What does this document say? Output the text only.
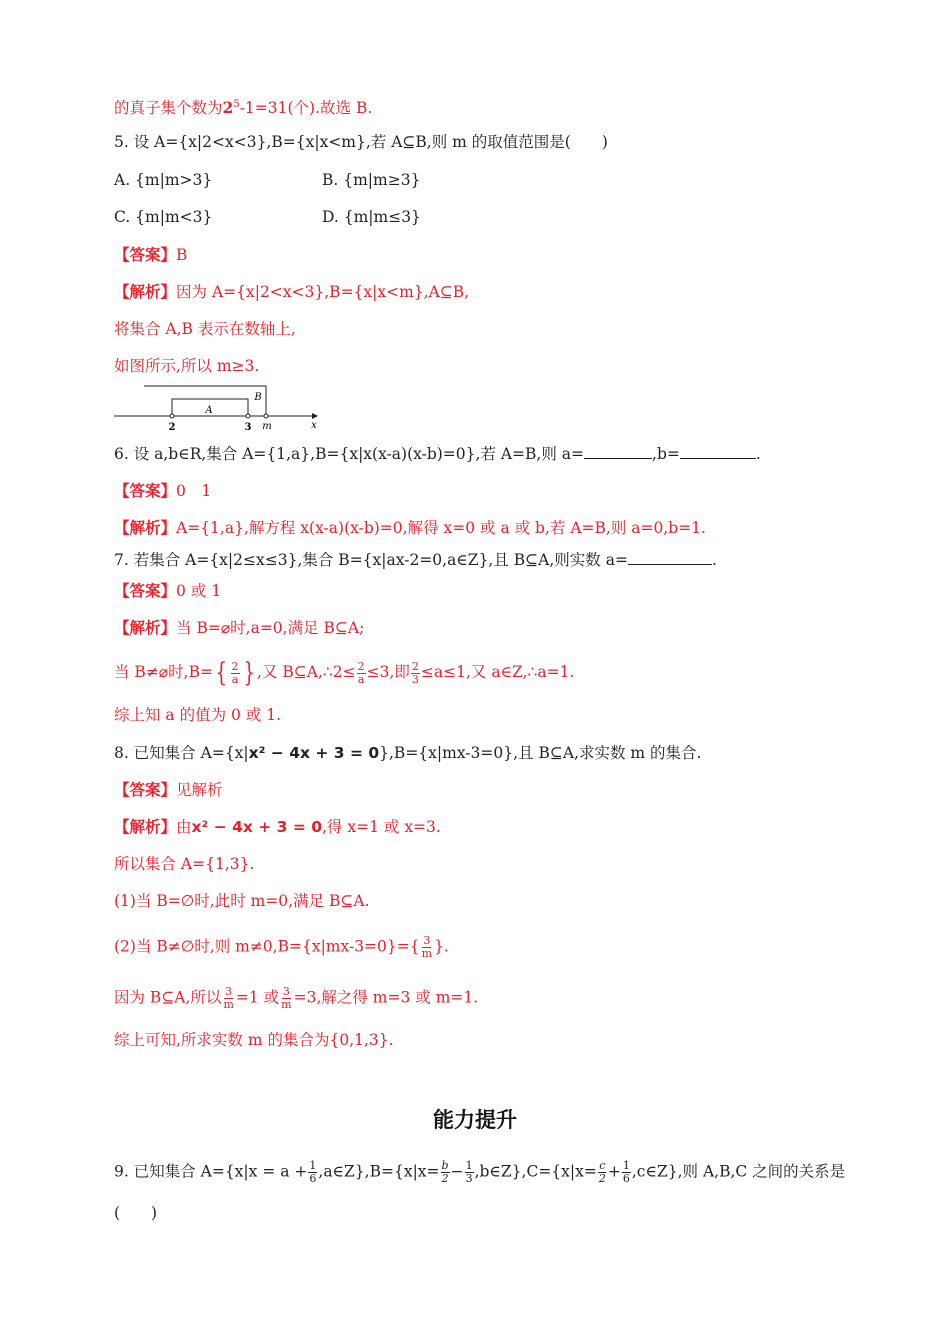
的真子集个数为$2^5-1=31$(个).故选 B.
5. 设 A={x|2<x<3},B={x|x<m},若 A⊆B,则 m 的取值范围是(　　)
A. {m|m>3}	B. {m|m≥3}
C. {m|m<3}	D. {m|m≤3}
【答案】B
【解析】因为 A={x|2<x<3},B={x|x<m},A⊆B,
将集合 A,B 表示在数轴上,
如图所示,所以 m≥3.
A
B
2	3 m	x
6. 设 a,b∈R,集合 A={1,a},B={x|x(x-a)(x-b)=0},若 A=B,则 a=	,b=	.
【答案】0　1
【解析】A={1,a},解方程 x(x-a)(x-b)=0,解得 x=0 或 a 或 b,若 A=B,则 a=0,b=1.
7. 若集合 A={x|2≤x≤3},集合 B={x|ax-2=0,a∈Z},且 B⊆A,则实数 a=	.
【答案】0 或 1
【解析】当 B=⌀时,a=0,满足 B⊆A;
当 B≠⌀时,B= { $\frac{2}{a}$ } ,又 B⊆A,∴2≤ $\frac{2}{a} \le 3$,即 $\frac{2}{3} \le a\le 1$,又 a∈Z,∴a=1.
综上知 a 的值为 0 或 1.
8. 已知集合 A={x|x² − 4x + 3 = 0},B={x|mx-3=0},且 B⊆A,求实数 m 的集合.
【答案】见解析
【解析】由x² − 4x + 3 = 0,得 x=1 或 x=3.
所以集合 A={1,3}.
(1)当 B=∅时,此时 m=0,满足 B⊆A.
(2)当 B≠∅时,则 $m\ne 0,B=\{x|mx-3=0\}=\{ \frac{3}{m}$ }.
因为 B⊆A,所以 $\frac{3}{m} =1$ 或 $\frac{3}{m} =3$,解之得 m=3 或 m=1.
综上可知,所求实数 m 的集合为{0,1,3}.
能力提升
9. 已知集合 $A=\{x|x = a + \frac{1}{6}$ ,a∈Z},B={x|x= $\frac{b}{2} - \frac{1}{3}$ ,b∈Z},C={x|x= $\frac{c}{2} + \frac{1}{6}$ ,c∈Z},则 A,B,C 之间的关系是
(　　)
